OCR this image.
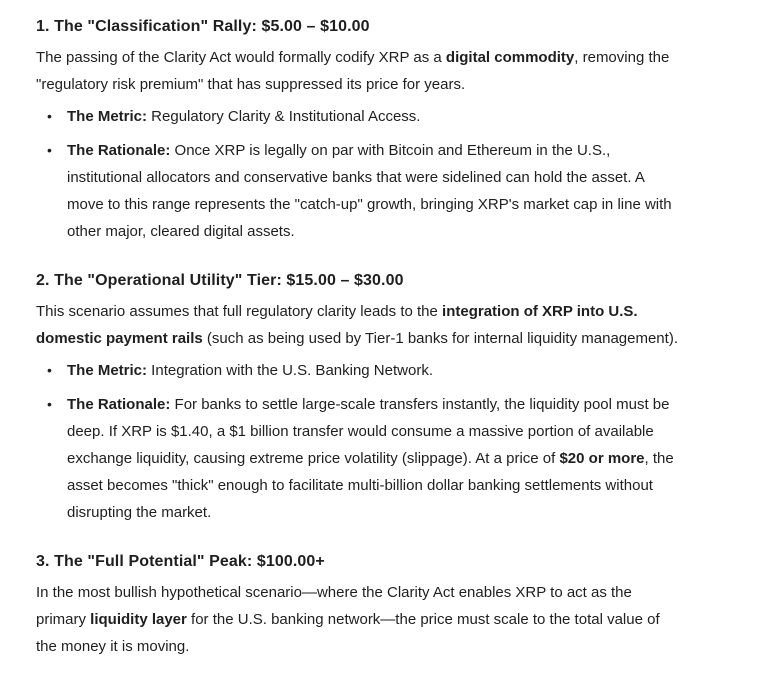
1. The "Classification" Rally: $5.00 – $10.00

The passing of the Clarity Act would formally codify XRP as a digital commodity, removing the "regulatory risk premium" that has suppressed its price for years.

• The Metric: Regulatory Clarity & Institutional Access.
• The Rationale: Once XRP is legally on par with Bitcoin and Ethereum in the U.S., institutional allocators and conservative banks that were sidelined can hold the asset. A move to this range represents the "catch-up" growth, bringing XRP's market cap in line with other major, cleared digital assets.
2. The "Operational Utility" Tier: $15.00 – $30.00

This scenario assumes that full regulatory clarity leads to the integration of XRP into U.S. domestic payment rails (such as being used by Tier-1 banks for internal liquidity management).

• The Metric: Integration with the U.S. Banking Network.
• The Rationale: For banks to settle large-scale transfers instantly, the liquidity pool must be deep. If XRP is $1.40, a $1 billion transfer would consume a massive portion of available exchange liquidity, causing extreme price volatility (slippage). At a price of $20 or more, the asset becomes "thick" enough to facilitate multi-billion dollar banking settlements without disrupting the market.
3. The "Full Potential" Peak: $100.00+

In the most bullish hypothetical scenario—where the Clarity Act enables XRP to act as the primary liquidity layer for the U.S. banking network—the price must scale to the total value of the money it is moving.
